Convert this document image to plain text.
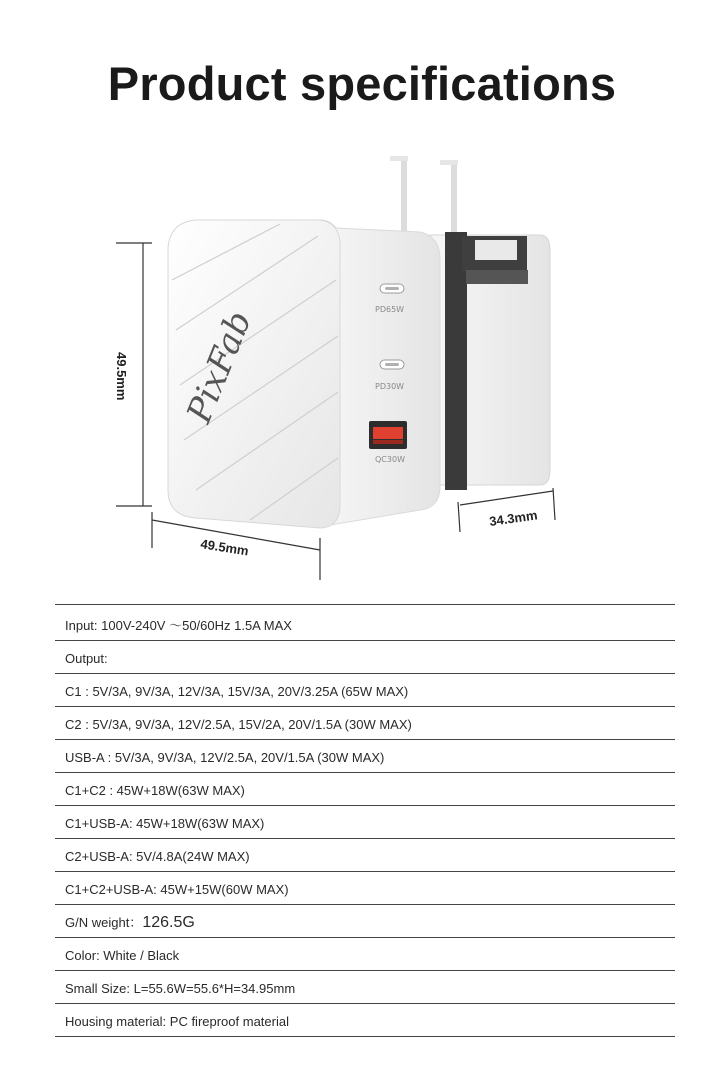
Product specifications
PixFab	PD65W
PD30W
QC30W
49.5mm
49.5mm
34.3mm
Input: 100V-240V ～50/60Hz 1.5A MAX
Output:
C1 : 5V/3A, 9V/3A, 12V/3A, 15V/3A, 20V/3.25A (65W MAX)
C2 : 5V/3A, 9V/3A, 12V/2.5A, 15V/2A, 20V/1.5A (30W MAX)
USB-A : 5V/3A, 9V/3A, 12V/2.5A, 20V/1.5A (30W MAX)
C1+C2 : 45W+18W(63W MAX)
C1+USB-A: 45W+18W(63W MAX)
C2+USB-A: 5V/4.8A(24W MAX)
C1+C2+USB-A: 45W+15W(60W MAX)
G/N weight：126.5G
Color: White / Black
Small Size: L=55.6W=55.6*H=34.95mm
Housing material: PC fireproof material
